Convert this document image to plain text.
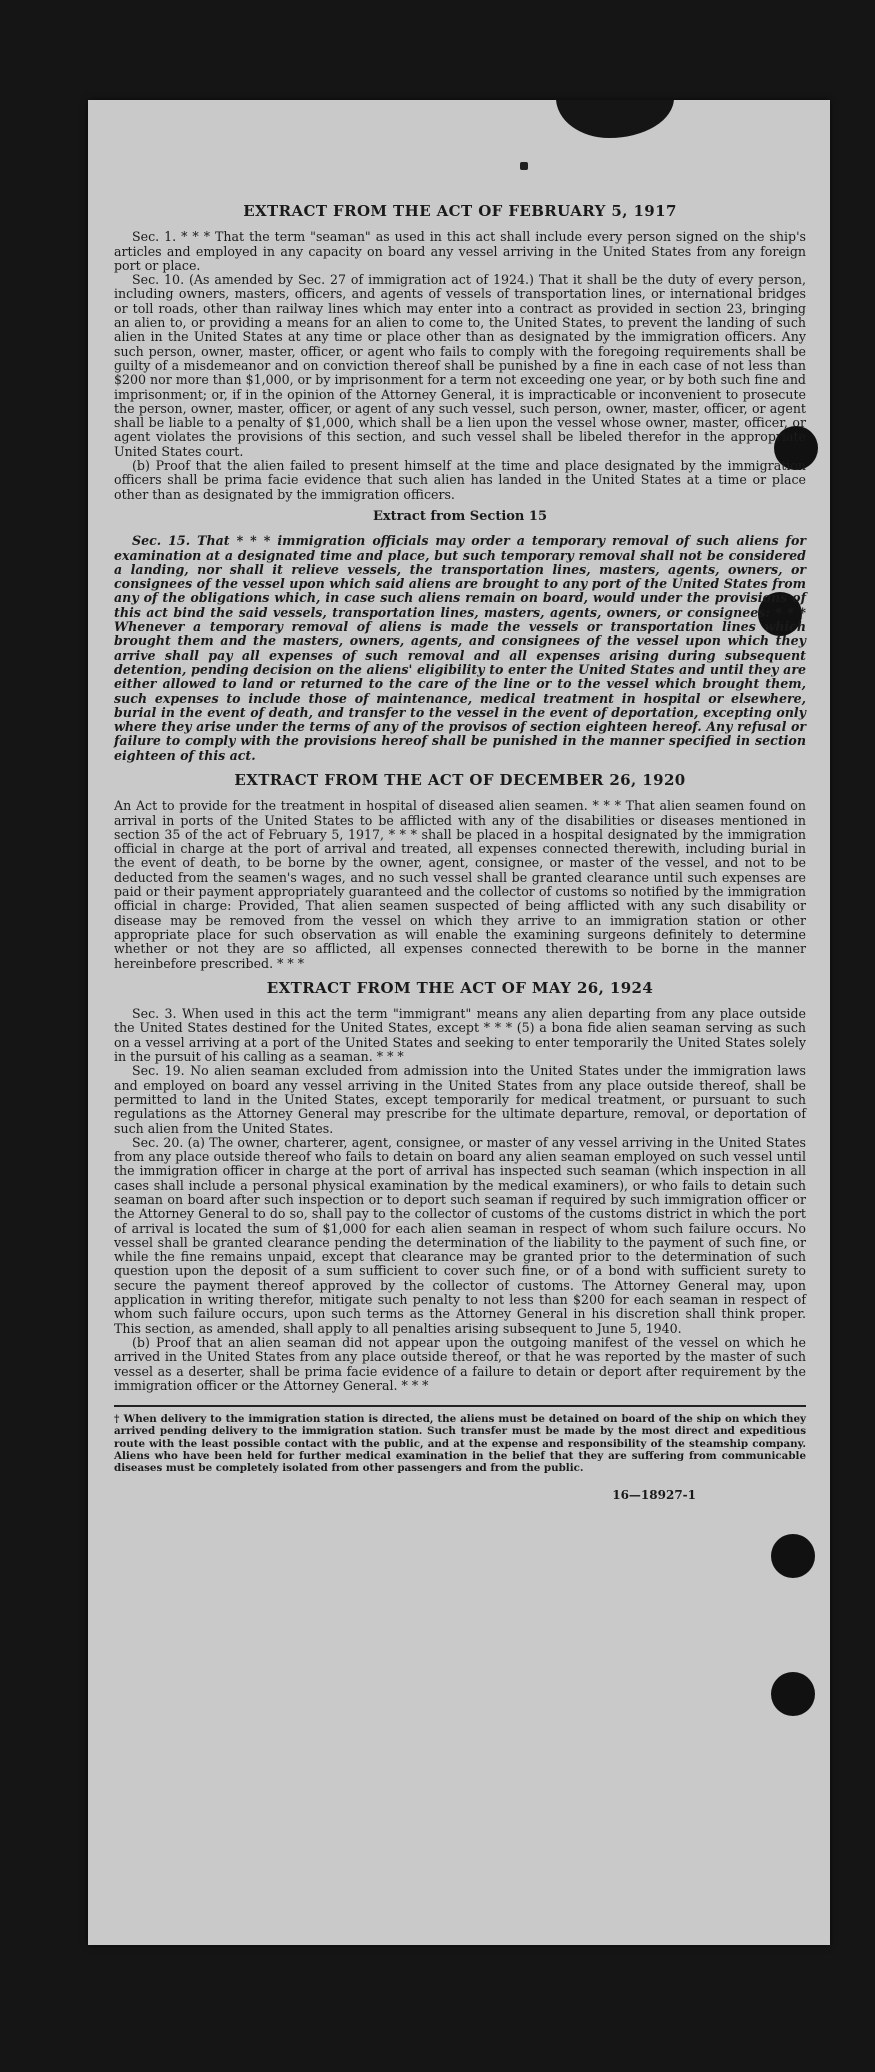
EXTRACT FROM THE ACT OF FEBRUARY 5, 1917

Sec. 1. * * * That the term "seaman" as used in this act shall include every person signed on the ship's articles and employed in any capacity on board any vessel arriving in the United States from any foreign port or place.

Sec. 10. (As amended by Sec. 27 of immigration act of 1924.) That it shall be the duty of every person, including owners, masters, officers, and agents of vessels of transportation lines, or international bridges or toll roads, other than railway lines which may enter into a contract as provided in section 23, bringing an alien to, or providing a means for an alien to come to, the United States, to prevent the landing of such alien in the United States at any time or place other than as designated by the immigration officers. Any such person, owner, master, officer, or agent who fails to comply with the foregoing requirements shall be guilty of a misdemeanor and on conviction thereof shall be punished by a fine in each case of not less than $200 nor more than $1,000, or by imprisonment for a term not exceeding one year, or by both such fine and imprisonment; or, if in the opinion of the Attorney General, it is impracticable or inconvenient to prosecute the person, owner, master, officer, or agent of any such vessel, such person, owner, master, officer, or agent shall be liable to a penalty of $1,000, which shall be a lien upon the vessel whose owner, master, officer, or agent violates the provisions of this section, and such vessel shall be libeled therefor in the appropriate United States court.

(b) Proof that the alien failed to present himself at the time and place designated by the immigration officers shall be prima facie evidence that such alien has landed in the United States at a time or place other than as designated by the immigration officers.

Extract from Section 15

Sec. 15. That * * * immigration officials may order a temporary removal of such aliens for examination at a designated time and place, but such temporary removal shall not be considered a landing, nor shall it relieve vessels, the transportation lines, masters, agents, owners, or consignees of the vessel upon which said aliens are brought to any port of the United States from any of the obligations which, in case such aliens remain on board, would under the provisions of this act bind the said vessels, transportation lines, masters, agents, owners, or consignees: * * * Whenever a temporary removal of aliens is made the vessels or transportation lines which brought them and the masters, owners, agents, and consignees of the vessel upon which they arrive shall pay all expenses of such removal and all expenses arising during subsequent detention, pending decision on the aliens' eligibility to enter the United States and until they are either allowed to land or returned to the care of the line or to the vessel which brought them, such expenses to include those of maintenance, medical treatment in hospital or elsewhere, burial in the event of death, and transfer to the vessel in the event of deportation, excepting only where they arise under the terms of any of the provisos of section eighteen hereof. Any refusal or failure to comply with the provisions hereof shall be punished in the manner specified in section eighteen of this act.

EXTRACT FROM THE ACT OF DECEMBER 26, 1920

An Act to provide for the treatment in hospital of diseased alien seamen. * * * That alien seamen found on arrival in ports of the United States to be afflicted with any of the disabilities or diseases mentioned in section 35 of the act of February 5, 1917, * * * shall be placed in a hospital designated by the immigration official in charge at the port of arrival and treated, all expenses connected therewith, including burial in the event of death, to be borne by the owner, agent, consignee, or master of the vessel, and not to be deducted from the seamen's wages, and no such vessel shall be granted clearance until such expenses are paid or their payment appropriately guaranteed and the collector of customs so notified by the immigration official in charge: Provided, That alien seamen suspected of being afflicted with any such disability or disease may be removed from the vessel on which they arrive to an immigration station or other appropriate place for such observation as will enable the examining surgeons definitely to determine whether or not they are so afflicted, all expenses connected therewith to be borne in the manner hereinbefore prescribed. * * *

EXTRACT FROM THE ACT OF MAY 26, 1924

Sec. 3. When used in this act the term "immigrant" means any alien departing from any place outside the United States destined for the United States, except * * * (5) a bona fide alien seaman serving as such on a vessel arriving at a port of the United States and seeking to enter temporarily the United States solely in the pursuit of his calling as a seaman. * * *

Sec. 19. No alien seaman excluded from admission into the United States under the immigration laws and employed on board any vessel arriving in the United States from any place outside thereof, shall be permitted to land in the United States, except temporarily for medical treatment, or pursuant to such regulations as the Attorney General may prescribe for the ultimate departure, removal, or deportation of such alien from the United States.

Sec. 20. (a) The owner, charterer, agent, consignee, or master of any vessel arriving in the United States from any place outside thereof who fails to detain on board any alien seaman employed on such vessel until the immigration officer in charge at the port of arrival has inspected such seaman (which inspection in all cases shall include a personal physical examination by the medical examiners), or who fails to detain such seaman on board after such inspection or to deport such seaman if required by such immigration officer or the Attorney General to do so, shall pay to the collector of customs of the customs district in which the port of arrival is located the sum of $1,000 for each alien seaman in respect of whom such failure occurs. No vessel shall be granted clearance pending the determination of the liability to the payment of such fine, or while the fine remains unpaid, except that clearance may be granted prior to the determination of such question upon the deposit of a sum sufficient to cover such fine, or of a bond with sufficient surety to secure the payment thereof approved by the collector of customs. The Attorney General may, upon application in writing therefor, mitigate such penalty to not less than $200 for each seaman in respect of whom such failure occurs, upon such terms as the Attorney General in his discretion shall think proper. This section, as amended, shall apply to all penalties arising subsequent to June 5, 1940.

(b) Proof that an alien seaman did not appear upon the outgoing manifest of the vessel on which he arrived in the United States from any place outside thereof, or that he was reported by the master of such vessel as a deserter, shall be prima facie evidence of a failure to detain or deport after requirement by the immigration officer or the Attorney General. * * *

† When delivery to the immigration station is directed, the aliens must be detained on board of the ship on which they arrived pending delivery to the immigration station. Such transfer must be made by the most direct and expeditious route with the least possible contact with the public, and at the expense and responsibility of the steamship company. Aliens who have been held for further medical examination in the belief that they are suffering from communicable diseases must be completely isolated from other passengers and from the public.
16—18927-1
